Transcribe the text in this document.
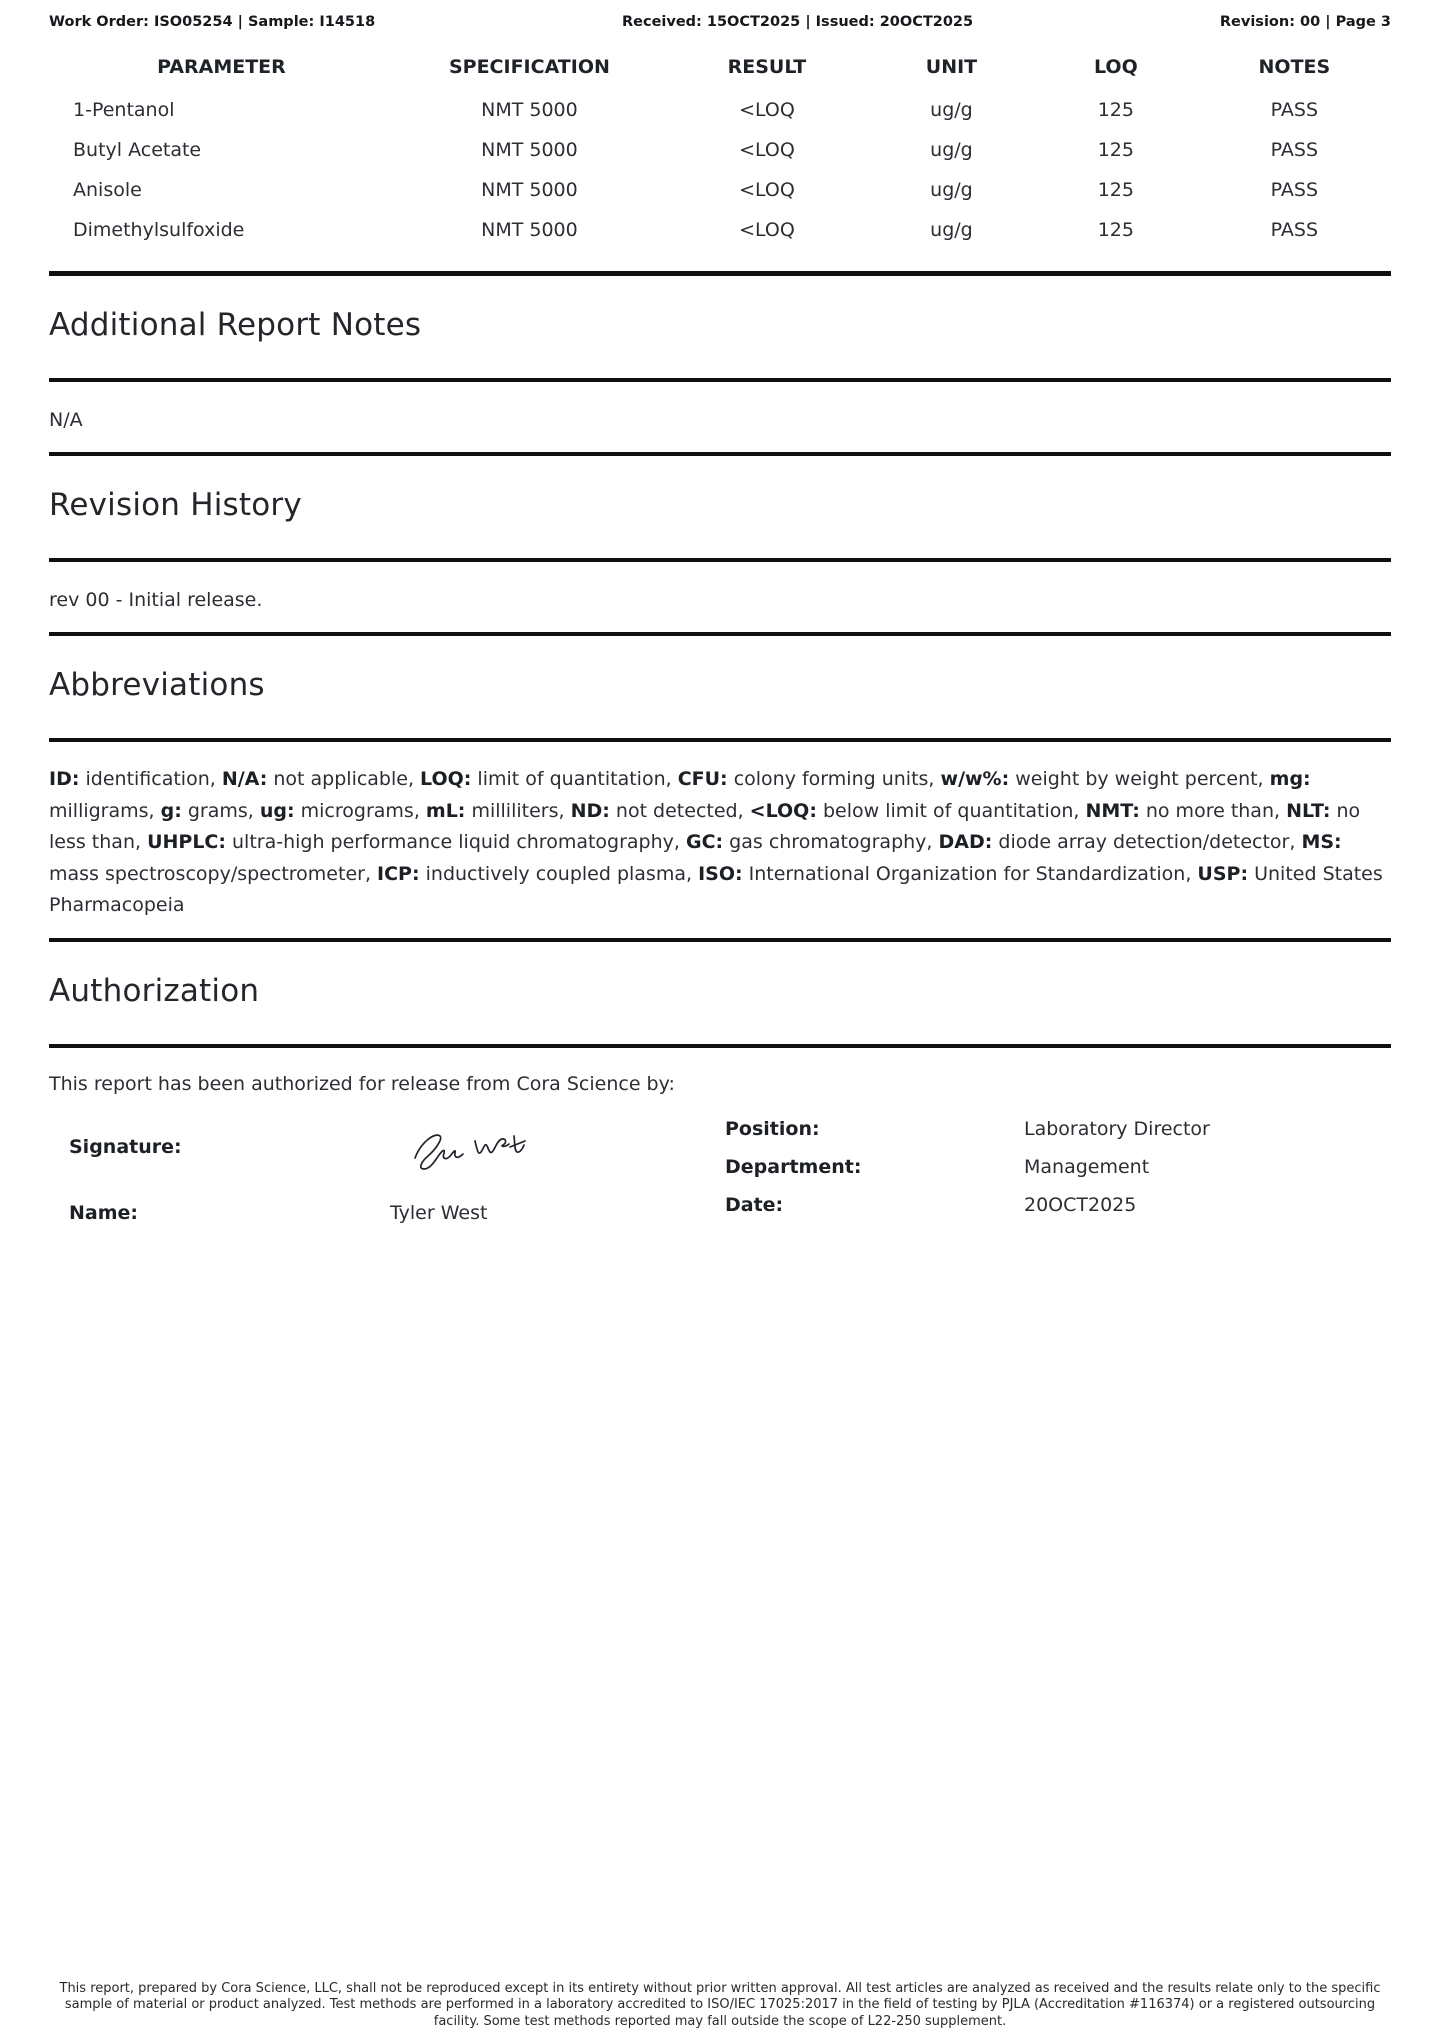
Work Order: ISO05254 | Sample: I14518	Received: 15OCT2025 | Issued: 20OCT2025	Revision: 00 | Page 3
PARAMETER	SPECIFICATION	RESULT	UNIT	LOQ	NOTES
1-Pentanol	NMT 5000	<LOQ	ug/g	125	PASS
Butyl Acetate	NMT 5000	<LOQ	ug/g	125	PASS
Anisole	NMT 5000	<LOQ	ug/g	125	PASS
Dimethylsulfoxide	NMT 5000	<LOQ	ug/g	125	PASS
Additional Report Notes
N/A
Revision History
rev 00 - Initial release.
Abbreviations

ID: identification, N/A: not applicable, LOQ: limit of quantitation, CFU: colony forming units, w/w%: weight by weight percent, mg: milligrams, g: grams, ug: micrograms, mL: milliliters, ND: not detected, <LOQ: below limit of quantitation, NMT: no more than, NLT: no less than, UHPLC: ultra-high performance liquid chromatography, GC: gas chromatography, DAD: diode array detection/detector, MS: mass spectroscopy/spectrometer, ICP: inductively coupled plasma, ISO: International Organization for Standardization, USP: United States Pharmacopeia

Authorization
This report has been authorized for release from Cora Science by:
Signature:
Name:	Tyler West
Position:	Laboratory Director
Department:	Management
Date:	20OCT2025
This report, prepared by Cora Science, LLC, shall not be reproduced except in its entirety without prior written approval. All test articles are analyzed as received and the results relate only to the specific sample of material or product analyzed. Test methods are performed in a laboratory accredited to ISO/IEC 17025:2017 in the field of testing by PJLA (Accreditation #116374) or a registered outsourcing facility. Some test methods reported may fall outside the scope of L22-250 supplement.
